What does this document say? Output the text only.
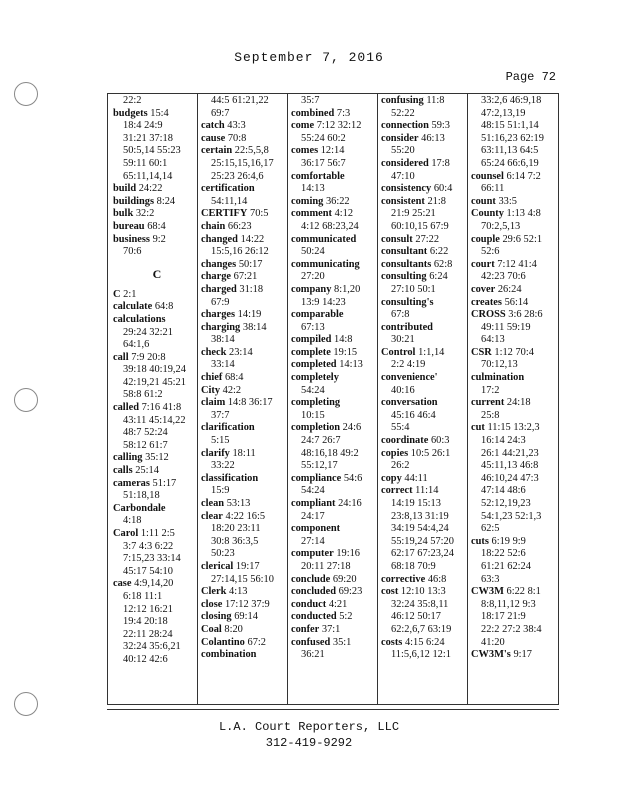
September 7, 2016
Page 72
22:2
budgets 15:4
18:4 24:9
31:21 37:18
50:5,14 55:23
59:11 60:1
65:11,14,14
build 24:22
buildings 8:24
bulk 32:2
bureau 68:4
business 9:2
70:6
C
C 2:1
calculate 64:8
calculations
29:24 32:21
64:1,6
call 7:9 20:8
39:18 40:19,24
42:19,21 45:21
58:8 61:2
called 7:16 41:8
43:11 45:14,22
48:7 52:24
58:12 61:7
calling 35:12
calls 25:14
cameras 51:17
51:18,18
Carbondale
4:18
Carol 1:11 2:5
3:7 4:3 6:22
7:15,23 33:14
45:17 54:10
case 4:9,14,20
6:18 11:1
12:12 16:21
19:4 20:18
22:11 28:24
32:24 35:6,21
40:12 42:6
44:5 61:21,22
69:7
catch 43:3
cause 70:8
certain 22:5,5,8
25:15,15,16,17
25:23 26:4,6
certification
54:11,14
CERTIFY 70:5
chain 66:23
changed 14:22
15:5,16 26:12
changes 50:17
charge 67:21
charged 31:18
67:9
charges 14:19
charging 38:14
38:14
check 23:14
33:14
chief 68:4
City 42:2
claim 14:8 36:17
37:7
clarification
5:15
clarify 18:11
33:22
classification
15:9
clean 53:13
clear 4:22 16:5
18:20 23:11
30:8 36:3,5
50:23
clerical 19:17
27:14,15 56:10
Clerk 4:13
close 17:12 37:9
closing 69:14
Coal 8:20
Colantino 67:2
combination
35:7
combined 7:3
come 7:12 32:12
55:24 60:2
comes 12:14
36:17 56:7
comfortable
14:13
coming 36:22
comment 4:12
4:12 68:23,24
communicated
50:24
communicating
27:20
company 8:1,20
13:9 14:23
comparable
67:13
compiled 14:8
complete 19:15
completed 14:13
completely
54:24
completing
10:15
completion 24:6
24:7 26:7
48:16,18 49:2
55:12,17
compliance 54:6
54:24
compliant 24:16
24:17
component
27:14
computer 19:16
20:11 27:18
conclude 69:20
concluded 69:23
conduct 4:21
conducted 5:2
confer 37:1
confused 35:1
36:21
confusing 11:8
52:22
connection 59:3
consider 46:13
55:20
considered 17:8
47:10
consistency 60:4
consistent 21:8
21:9 25:21
60:10,15 67:9
consult 27:22
consultant 6:22
consultants 62:8
consulting 6:24
27:10 50:1
consulting's
67:8
contributed
30:21
Control 1:1,14
2:2 4:19
convenience'
40:16
conversation
45:16 46:4
55:4
coordinate 60:3
copies 10:5 26:1
26:2
copy 44:11
correct 11:14
14:19 15:13
23:8,13 31:19
34:19 54:4,24
55:19,24 57:20
62:17 67:23,24
68:18 70:9
corrective 46:8
cost 12:10 13:3
32:24 35:8,11
46:12 50:17
62:2,6,7 63:19
costs 4:15 6:24
11:5,6,12 12:1
33:2,6 46:9,18
47:2,13,19
48:15 51:1,14
51:16,23 62:19
63:11,13 64:5
65:24 66:6,19
counsel 6:14 7:2
66:11
count 33:5
County 1:13 4:8
70:2,5,13
couple 29:6 52:1
52:6
court 7:12 41:4
42:23 70:6
cover 26:24
creates 56:14
CROSS 3:6 28:6
49:11 59:19
64:13
CSR 1:12 70:4
70:12,13
culmination
17:2
current 24:18
25:8
cut 11:15 13:2,3
16:14 24:3
26:1 44:21,23
45:11,13 46:8
46:10,24 47:3
47:14 48:6
52:12,19,23
54:1,23 52:1,3
62:5
cuts 6:19 9:9
18:22 52:6
61:21 62:24
63:3
CW3M 6:22 8:1
8:8,11,12 9:3
18:17 21:9
22:2 27:2 38:4
41:20
CW3M's 9:17
L.A. Court Reporters, LLC
312-419-9292
